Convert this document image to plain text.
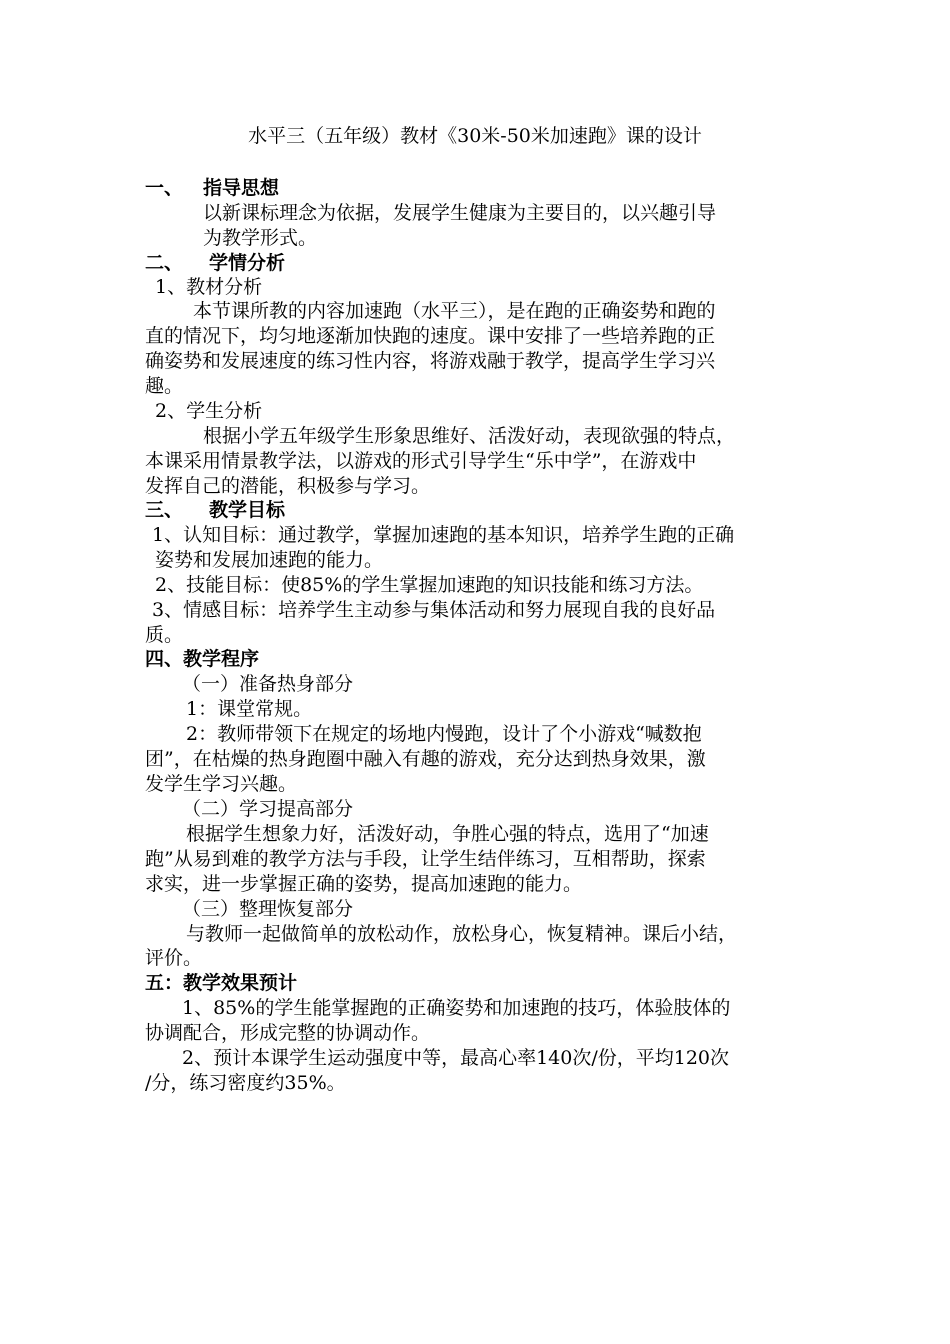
水平三（五年级）教材《30米-50米加速跑》课的设计
一、 指导思想
以新课标理念为依据，发展学生健康为主要目的，以兴趣引导
为教学形式。
二、 学情分析
1、教材分析
本节课所教的内容加速跑（水平三），是在跑的正确姿势和跑的
直的情况下，均匀地逐渐加快跑的速度。课中安排了一些培养跑的正
确姿势和发展速度的练习性内容，将游戏融于教学，提高学生学习兴
趣。
2、学生分析
根据小学五年级学生形象思维好、活泼好动，表现欲强的特点，
本课采用情景教学法，以游戏的形式引导学生“乐中学”，在游戏中
发挥自己的潜能，积极参与学习。
三、 教学目标
1、认知目标：通过教学，掌握加速跑的基本知识，培养学生跑的正确
姿势和发展加速跑的能力。
2、技能目标：使85%的学生掌握加速跑的知识技能和练习方法。
3、情感目标：培养学生主动参与集体活动和努力展现自我的良好品
质。
四、教学程序
（一）准备热身部分
1：课堂常规。
2：教师带领下在规定的场地内慢跑，设计了个小游戏“喊数抱
团”，在枯燥的热身跑圈中融入有趣的游戏，充分达到热身效果，激
发学生学习兴趣。
（二）学习提高部分
根据学生想象力好，活泼好动，争胜心强的特点，选用了“加速
跑”从易到难的教学方法与手段，让学生结伴练习，互相帮助，探索
求实，进一步掌握正确的姿势，提高加速跑的能力。
（三）整理恢复部分
与教师一起做简单的放松动作，放松身心，恢复精神。课后小结，
评价。
五：教学效果预计
1、85%的学生能掌握跑的正确姿势和加速跑的技巧，体验肢体的
协调配合，形成完整的协调动作。
2、预计本课学生运动强度中等，最高心率140次/份，平均120次
/分，练习密度约35%。
